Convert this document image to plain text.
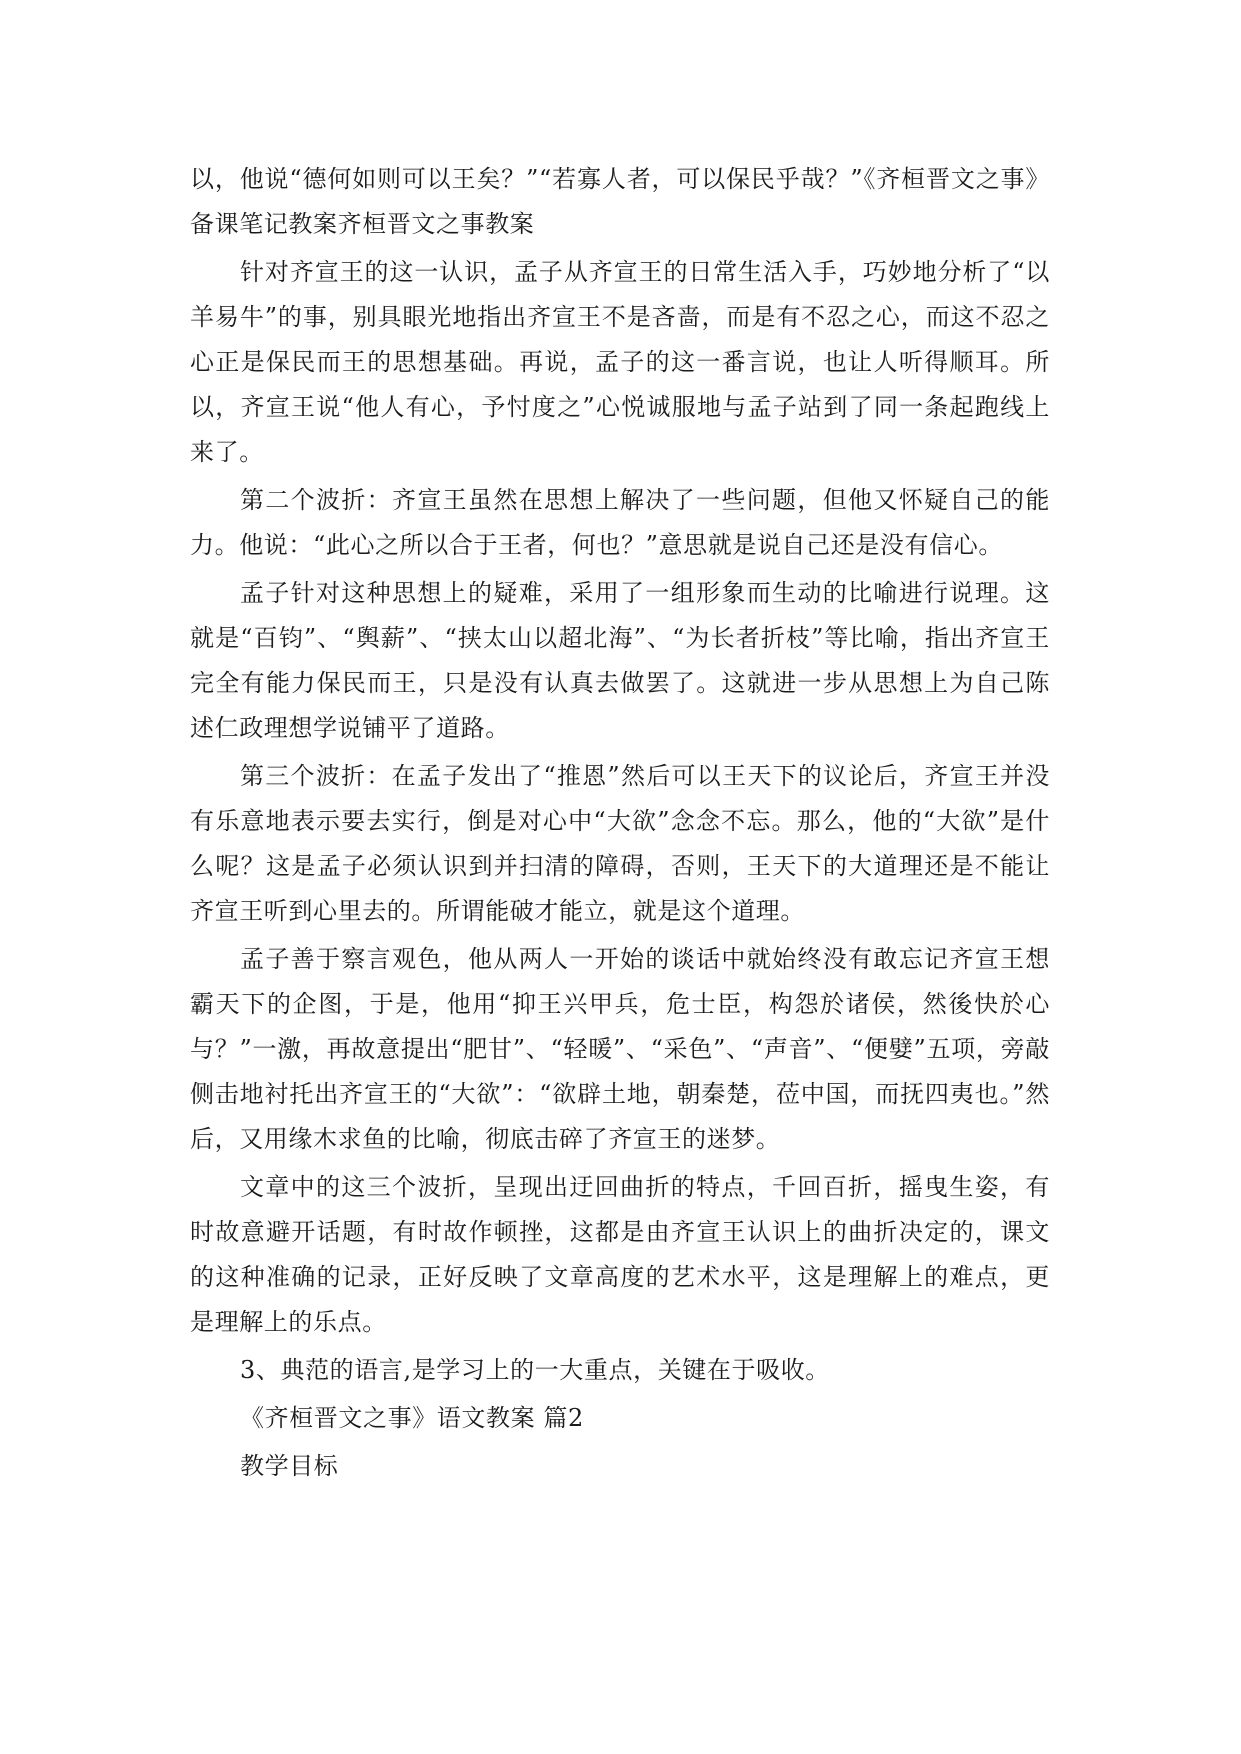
以，他说“德何如则可以王矣？”“若寡人者，可以保民乎哉？”《齐桓晋文之事》备课笔记教案齐桓晋文之事教案

针对齐宣王的这一认识，孟子从齐宣王的日常生活入手，巧妙地分析了“以羊易牛”的事，别具眼光地指出齐宣王不是吝啬，而是有不忍之心，而这不忍之心正是保民而王的思想基础。再说，孟子的这一番言说，也让人听得顺耳。所以，齐宣王说“他人有心，予忖度之”心悦诚服地与孟子站到了同一条起跑线上来了。

第二个波折：齐宣王虽然在思想上解决了一些问题，但他又怀疑自己的能力。他说：“此心之所以合于王者，何也？”意思就是说自己还是没有信心。

孟子针对这种思想上的疑难，采用了一组形象而生动的比喻进行说理。这就是“百钧”、“舆薪”、“挟太山以超北海”、“为长者折枝”等比喻，指出齐宣王完全有能力保民而王，只是没有认真去做罢了。这就进一步从思想上为自己陈述仁政理想学说铺平了道路。

第三个波折：在孟子发出了“推恩”然后可以王天下的议论后，齐宣王并没有乐意地表示要去实行，倒是对心中“大欲”念念不忘。那么，他的“大欲”是什么呢？这是孟子必须认识到并扫清的障碍，否则，王天下的大道理还是不能让齐宣王听到心里去的。所谓能破才能立，就是这个道理。

孟子善于察言观色，他从两人一开始的谈话中就始终没有敢忘记齐宣王想霸天下的企图，于是，他用“抑王兴甲兵，危士臣，构怨於诸侯，然後快於心与？”一激，再故意提出“肥甘”、“轻暖”、“采色”、“声音”、“便嬖”五项，旁敲侧击地衬托出齐宣王的“大欲”：“欲辟土地，朝秦楚，莅中国，而抚四夷也。”然后，又用缘木求鱼的比喻，彻底击碎了齐宣王的迷梦。

文章中的这三个波折，呈现出迂回曲折的特点，千回百折，摇曳生姿，有时故意避开话题，有时故作顿挫，这都是由齐宣王认识上的曲折决定的，课文的这种准确的记录，正好反映了文章高度的艺术水平，这是理解上的难点，更是理解上的乐点。

3、典范的语言,是学习上的一大重点，关键在于吸收。

《齐桓晋文之事》语文教案 篇2

教学目标
